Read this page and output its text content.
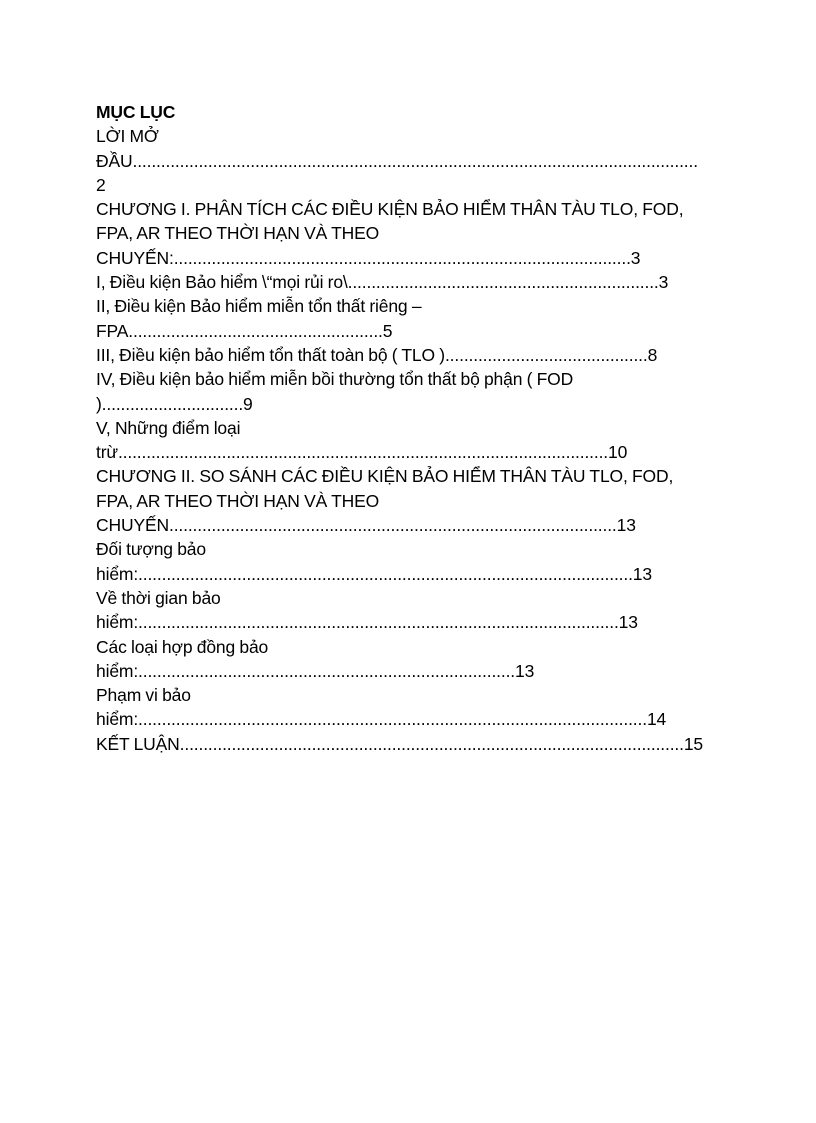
MỤC LỤC

LỜI MỞ ĐẦU........................................................................................................................2

CHƯƠNG I. PHÂN TÍCH CÁC ĐIỀU KIỆN BẢO HIỂM THÂN TÀU TLO, FOD, FPA, AR THEO THỜI HẠN VÀ THEO CHUYẾN:.................................................................................................3

I, Điều kiện Bảo hiểm \“mọi rủi ro\..................................................................3

II, Điều kiện Bảo hiểm miễn tổn thất riêng – FPA......................................................5

III, Điều kiện bảo hiểm tổn thất toàn bộ ( TLO )...........................................8

IV, Điều kiện bảo hiểm miễn bồi thường tổn thất bộ phận ( FOD )..............................9

V, Những điểm loại trừ........................................................................................................10

CHƯƠNG II. SO SÁNH CÁC ĐIỀU KIỆN BẢO HIỂM THÂN TÀU TLO, FOD, FPA, AR THEO THỜI HẠN VÀ THEO CHUYẾN...............................................................................................13

Đối tượng bảo hiểm:.........................................................................................................13

Về thời gian bảo hiểm:......................................................................................................13

Các loại hợp đồng bảo hiểm:................................................................................13

Phạm vi bảo hiểm:............................................................................................................14

KẾT LUẬN...........................................................................................................15
